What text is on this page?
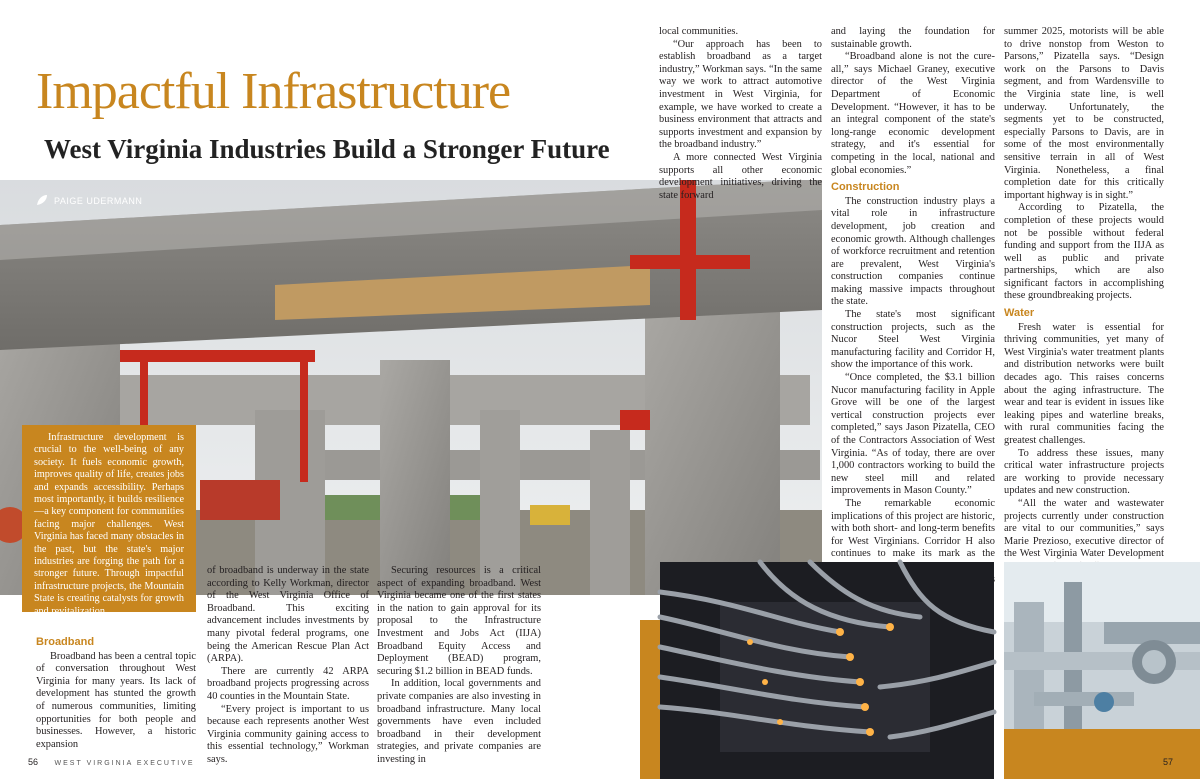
PAIGE UDERMANN
Impactful Infrastructure
West Virginia Industries Build a Stronger Future

Infrastructure development is crucial to the well-being of any society. It fuels economic growth, improves quality of life, creates jobs and expands accessibility. Perhaps most importantly, it builds resilience—a key component for communities facing major challenges. West Virginia has faced many obstacles in the past, but the state's major industries are forging the path for a stronger future. Through impactful infrastructure projects, the Mountain State is creating catalysts for growth and revitalization.

Broadband

Broadband has been a central topic of conversation throughout West Virginia for many years. Its lack of development has stunted the growth of numerous communities, limiting opportunities for both people and businesses. However, a historic expansion

of broadband is underway in the state according to Kelly Workman, director of the West Virginia Office of Broadband. This exciting advancement includes investments by many pivotal federal programs, one being the American Rescue Plan Act (ARPA).

There are currently 42 ARPA broadband projects progressing across 40 counties in the Mountain State.

“Every project is important to us because each represents another West Virginia community gaining access to this essential technology,” Workman says.

Securing resources is a critical aspect of expanding broadband. West Virginia became one of the first states in the nation to gain approval for its proposal to the Infrastructure Investment and Jobs Act (IIJA) Broadband Equity Access and Deployment (BEAD) program, securing $1.2 billion in BEAD funds.

In addition, local governments and private companies are also investing in broadband infrastructure. Many local governments have even included broadband in their development strategies, and private companies are investing in

local communities.

“Our approach has been to establish broadband as a target industry,” Workman says. “In the same way we work to attract automotive investment in West Virginia, for example, we have worked to create a business environment that attracts and supports investment and expansion by the broadband industry.”

A more connected West Virginia supports all other economic development initiatives, driving the state forward

and laying the foundation for sustainable growth.

“Broadband alone is not the cure-all,” says Michael Graney, executive director of the West Virginia Department of Economic Development. “However, it has to be an integral component of the state's long-range economic development strategy, and it's essential for competing in the local, national and global economies.”

Construction

The construction industry plays a vital role in infrastructure development, job creation and economic growth. Although challenges of workforce recruitment and retention are prevalent, West Virginia's construction companies continue making massive impacts throughout the state.

The state's most significant construction projects, such as the Nucor Steel West Virginia manufacturing facility and Corridor H, show the importance of this work.

“Once completed, the $3.1 billion Nucor manufacturing facility in Apple Grove will be one of the largest vertical construction projects ever completed,” says Jason Pizatella, CEO of the Contractors Association of West Virginia. “As of today, there are over 1,000 contractors working to build the new steel mill and related improvements in Mason County.”

The remarkable economic implications of this project are historic, with both short- and long-term benefits for West Virginians. Corridor H also continues to make its mark as the

summer 2025, motorists will be able to drive nonstop from Weston to Parsons,” Pizatella says. “Design work on the Parsons to Davis segment, and from Wardensville to the Virginia state line, is well underway. Unfortunately, the segments yet to be constructed, especially Parsons to Davis, are in some of the most environmentally sensitive terrain in all of West Virginia. Nonetheless, a final completion date for this critically important highway is in sight.”

According to Pizatella, the completion of these projects would not be possible without federal funding and support from the IIJA as well as public and private partnerships, which are also significant factors in accomplishing these groundbreaking projects.

Water

Fresh water is essential for thriving communities, yet many of West Virginia's water treatment plants and distribution networks were built decades ago. This raises concerns about the aging infrastructure. The wear and tear is evident in issues like leaking pipes and waterline breaks, with rural communities facing the greatest challenges.

To address these issues, many critical water infrastructure projects are working to provide necessary updates and new construction.

“All the water and wastewater projects currently under construction are vital to our communities,” says Marie Prezioso, executive director of the West Virginia Water Development

56 WEST VIRGINIA EXECUTIVE	57
